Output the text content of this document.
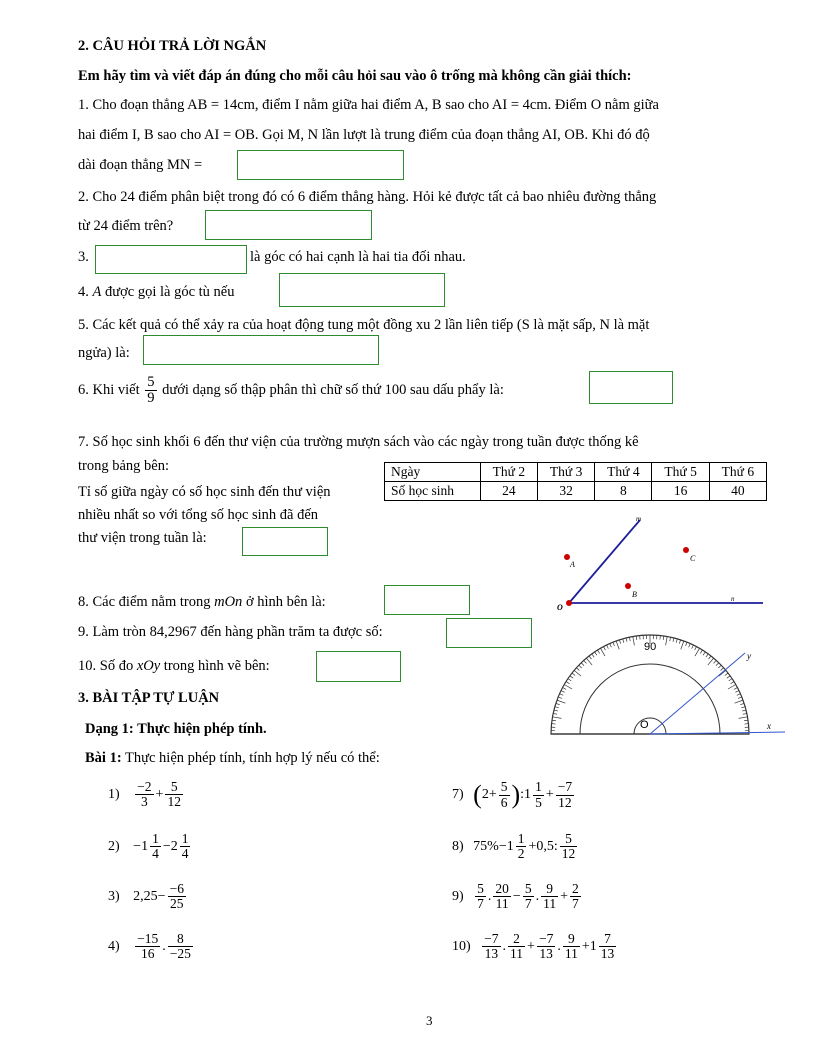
2. CÂU HỎI TRẢ LỜI NGẮN
Em hãy tìm và viết đáp án đúng cho mỗi câu hỏi sau vào ô trống mà không cần giải thích:
1. Cho đoạn thẳng AB = 14cm, điểm I nằm giữa hai điểm A, B sao cho AI = 4cm. Điểm O nằm giữa
hai điểm I, B sao cho AI = OB. Gọi M, N lần lượt là trung điểm của đoạn thẳng AI, OB. Khi đó độ
dài đoạn thẳng MN =
2. Cho 24 điểm phân biệt trong đó có 6 điểm thẳng hàng. Hỏi kẻ được tất cả bao nhiêu đường thẳng
từ 24 điểm trên?
3.	là góc có hai cạnh là hai tia đối nhau.
4. A được gọi là góc tù nếu
5. Các kết quả có thể xảy ra của hoạt động tung một đồng xu 2 lần liên tiếp (S là mặt sấp, N là mặt
ngửa) là:
6. Khi viết $\frac{5}{9}$ dưới dạng số thập phân thì chữ số thứ 100 sau dấu phẩy là:
7. Số học sinh khối 6 đến thư viện của trường mượn sách vào các ngày trong tuần được thống kê
trong bảng bên:
Tỉ số giữa ngày có số học sinh đến thư viện
nhiều nhất so với tổng số học sinh đã đến
thư viện trong tuần là:
Ngày	Thứ 2	Thứ 3	Thứ 4	Thứ 5	Thứ 6
Số học sinh	24	32	8	16	40
8. Các điểm nằm trong mOn ở hình bên là:
9. Làm tròn 84,2967 đến hàng phần trăm ta được số:
10. Số đo xOy trong hình vẽ bên:
m
A
C
B	n
O
O
90
x
y
3. BÀI TẬP TỰ LUẬN
Dạng 1: Thực hiện phép tính.
Bài 1: Thực hiện phép tính, tính hợp lý nếu có thể:
$1) \frac{-2}{3} + \frac{5}{12}$
$2) -1 \frac{1}{4} -2 \frac{1}{4}$
3) $2,25- \frac{-6}{25}$
$4) \frac{-15}{16}$ . $\frac{8}{-25}$
7) ($2+ \frac{5}{6}$ ):1 $\frac{1}{5} + \frac{-7}{12}$
8) $75\%-1 \frac{1}{2} +0,5$: $\frac{5}{12}$
$9) \frac{5}{7}$ . $\frac{20}{11} - \frac{5}{7}$ . $\frac{9}{11} + \frac{2}{7}$
$10) \frac{-7}{13}$ . $\frac{2}{11} + \frac{-7}{13}$ . $\frac{9}{11} +1 \frac{7}{13}$
3
